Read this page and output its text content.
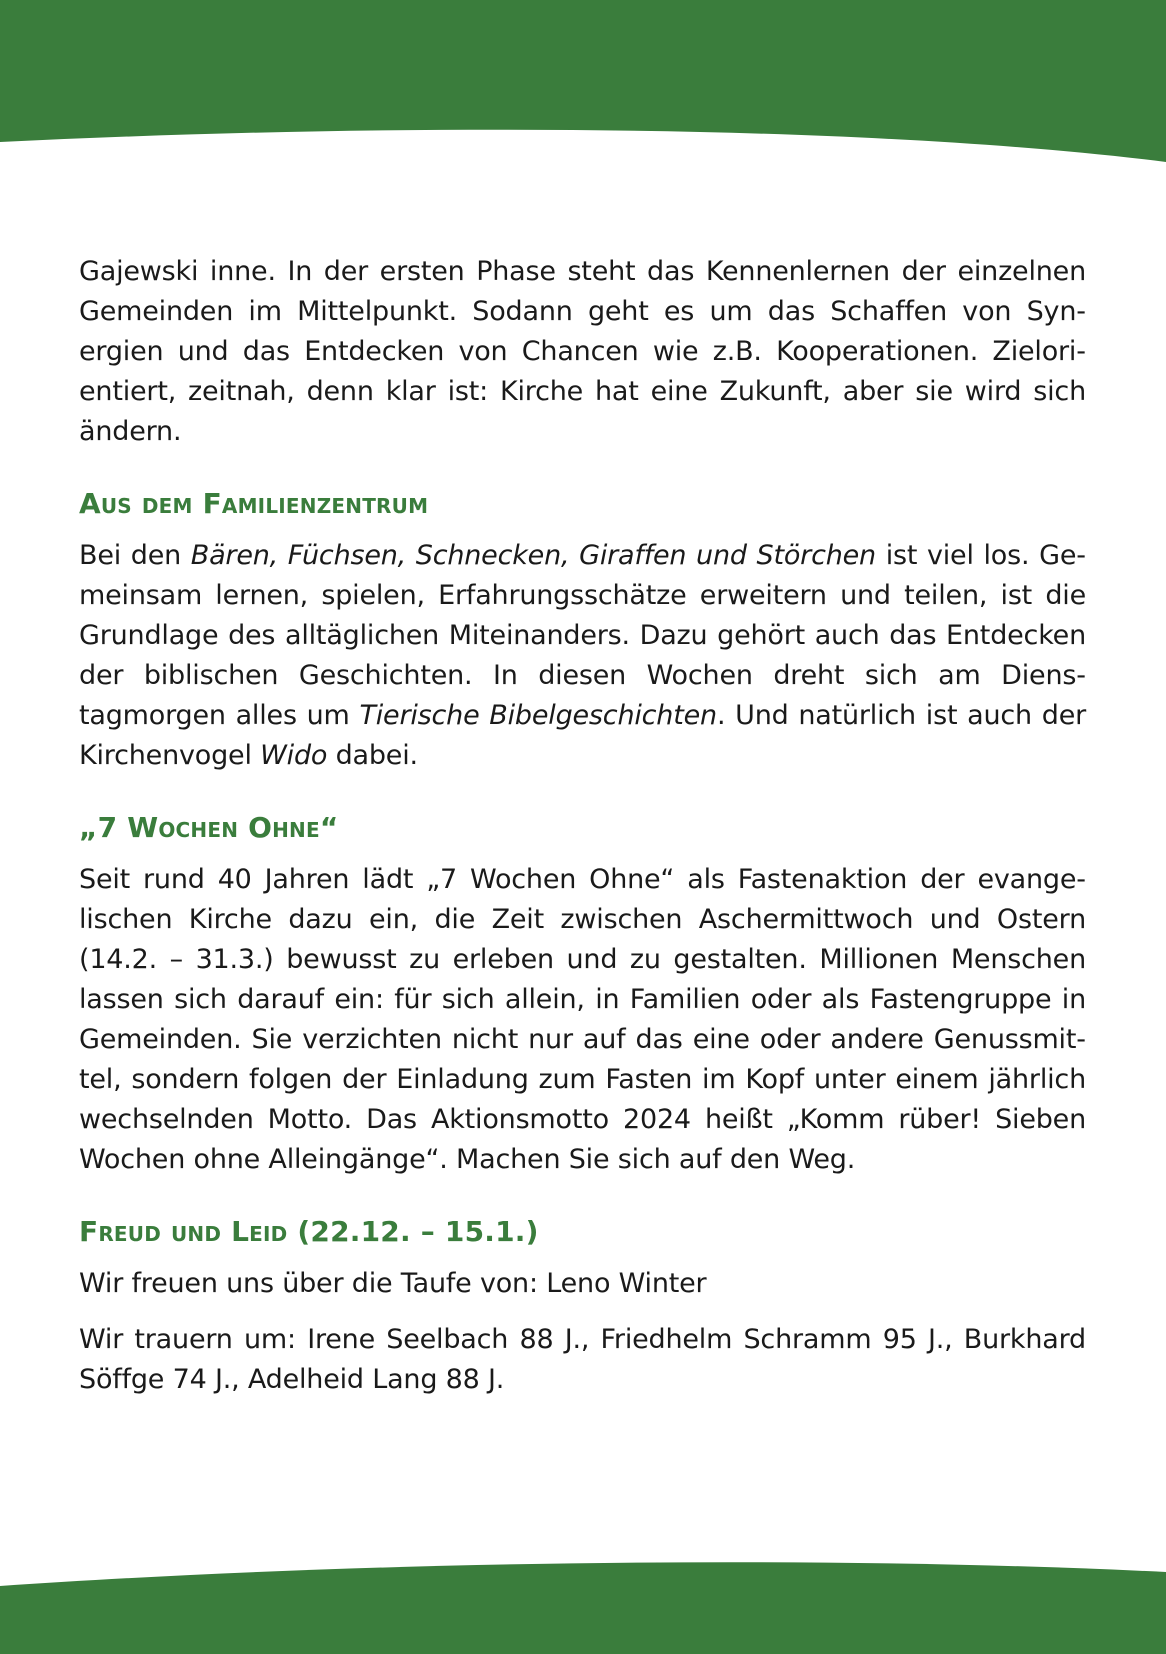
Gajewski inne. In der ersten Phase steht das Kennenlernen der einzelnen Gemeinden im Mittelpunkt. Sodann geht es um das Schaffen von Synergien und das Entdecken von Chancen wie z.B. Kooperationen. Zielorientiert, zeitnah, denn klar ist: Kirche hat eine Zukunft, aber sie wird sich ändern.

Aus dem Familienzentrum

Bei den Bären, Füchsen, Schnecken, Giraffen und Störchen ist viel los. Gemeinsam lernen, spielen, Erfahrungsschätze erweitern und teilen, ist die Grundlage des alltäglichen Miteinanders. Dazu gehört auch das Entdecken der biblischen Geschichten. In diesen Wochen dreht sich am Dienstagmorgen alles um Tierische Bibelgeschichten. Und natürlich ist auch der Kirchenvogel Wido dabei.

„7 Wochen Ohne“

Seit rund 40 Jahren lädt „7 Wochen Ohne“ als Fastenaktion der evangelischen Kirche dazu ein, die Zeit zwischen Aschermittwoch und Ostern (14.2. – 31.3.) bewusst zu erleben und zu gestalten. Millionen Menschen lassen sich darauf ein: für sich allein, in Familien oder als Fastengruppe in Gemeinden. Sie verzichten nicht nur auf das eine oder andere Genussmittel, sondern folgen der Einladung zum Fasten im Kopf unter einem jährlich wechselnden Motto. Das Aktionsmotto 2024 heißt „Komm rüber! Sieben Wochen ohne Alleingänge“. Machen Sie sich auf den Weg.

Freud und Leid (22.12. – 15.1.)

Wir freuen uns über die Taufe von: Leno Winter

Wir trauern um: Irene Seelbach 88 J., Friedhelm Schramm 95 J., Burkhard Söffge 74 J., Adelheid Lang 88 J.
